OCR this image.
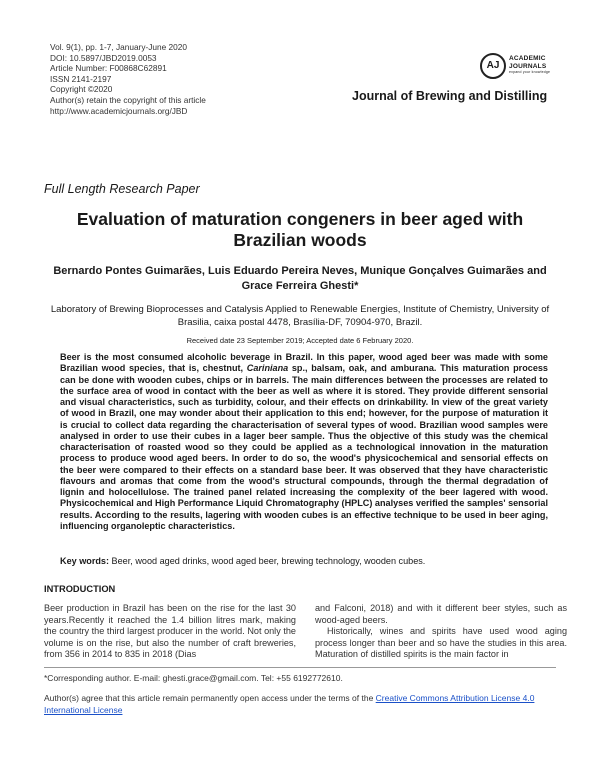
Vol. 9(1), pp. 1-7, January-June 2020
DOI: 10.5897/JBD2019.0053
Article Number: F00868C62891
ISSN 2141-2197
Copyright ©2020
Author(s) retain the copyright of this article
http://www.academicjournals.org/JBD
AJ
ACADEMIC
JOURNALS
expand your knowledge
Journal of Brewing and Distilling
Full Length Research Paper
Evaluation of maturation congeners in beer aged with Brazilian woods
Bernardo Pontes Guimarães, Luis Eduardo Pereira Neves, Munique Gonçalves Guimarães and Grace Ferreira Ghesti*
Laboratory of Brewing Bioprocesses and Catalysis Applied to Renewable Energies, Institute of Chemistry, University of Brasilia, caixa postal 4478, Brasília-DF, 70904-970, Brazil.
Received date 23 September 2019; Accepted date 6 February 2020.
Beer is the most consumed alcoholic beverage in Brazil. In this paper, wood aged beer was made with some Brazilian wood species, that is, chestnut, Cariniana sp., balsam, oak, and amburana. This maturation process can be done with wooden cubes, chips or in barrels. The main differences between the processes are related to the surface area of wood in contact with the beer as well as where it is stored. They provide different sensorial and visual characteristics, such as turbidity, colour, and their effects on drinkability. In view of the great variety of wood in Brazil, one may wonder about their application to this end; however, for the purpose of maturation it is crucial to collect data regarding the characterisation of several types of wood. Brazilian wood samples were analysed in order to use their cubes in a lager beer sample. Thus the objective of this study was the chemical characterisation of roasted wood so they could be applied as a technological innovation in the maturation process to produce wood aged beers. In order to do so, the wood's physicochemical and sensorial effects on the beer were compared to their effects on a standard base beer. It was observed that they have characteristic flavours and aromas that come from the wood's structural compounds, through the thermal degradation of lignin and holocellulose. The trained panel related increasing the complexity of the beer lagered with wood. Physicochemical and High Performance Liquid Chromatography (HPLC) analyses verified the samples' sensorial results. According to the results, lagering with wooden cubes is an effective technique to be used in beer aging, influencing organoleptic characteristics.
Key words: Beer, wood aged drinks, wood aged beer, brewing technology, wooden cubes.
INTRODUCTION
Beer production in Brazil has been on the rise for the last 30 years.Recently it reached the 1.4 billion litres mark, making the country the third largest producer in the world. Not only the volume is on the rise, but also the number of craft breweries, from 356 in 2014 to 835 in 2018 (Dias

and Falconi, 2018) and with it different beer styles, such as wood-aged beers.

Historically, wines and spirits have used wood aging process longer than beer and so have the studies in this area. Maturation of distilled spirits is the main factor in

*Corresponding author. E-mail: ghesti.grace@gmail.com. Tel: +55 6192772610.
Author(s) agree that this article remain permanently open access under the terms of the Creative Commons Attribution License 4.0 International License
